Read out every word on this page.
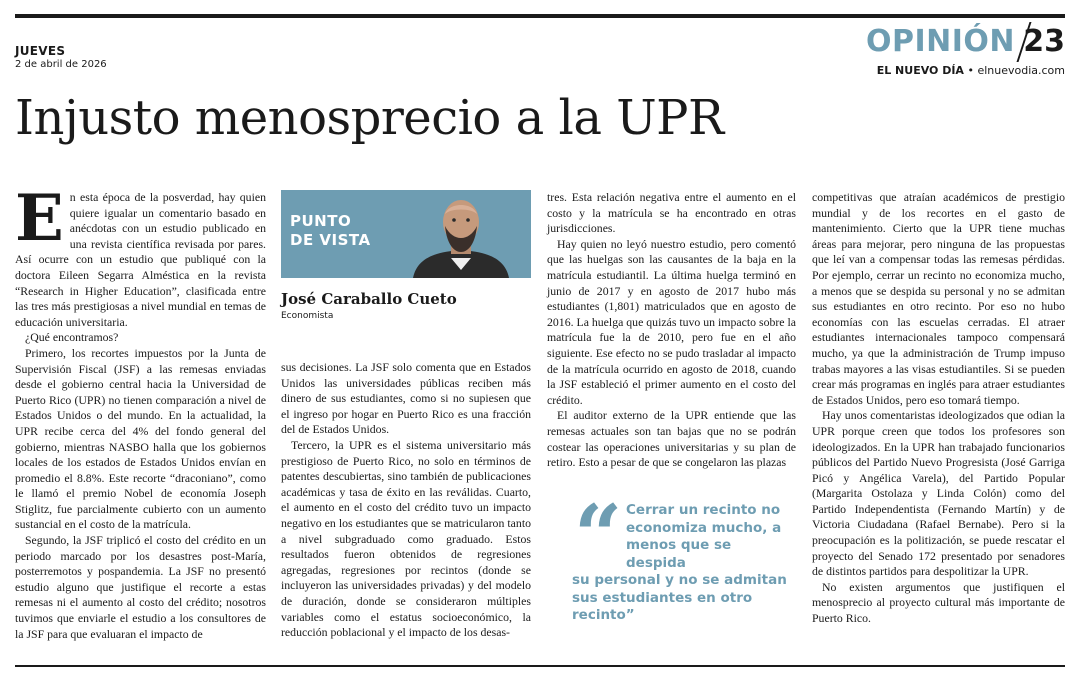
JUEVES
2 de abril de 2026
OPINIÓN 23
EL NUEVO DÍA • elnuevodia.com
Injusto menosprecio a la UPR

En esta época de la posverdad, hay quien quiere igualar un comentario basado en anécdotas con un estudio publicado en una revista científica revisada por pares. Así ocurre con un estudio que publiqué con la doctora Eileen Segarra Alméstica en la revista “Research in Higher Education”, clasificada entre las tres más prestigiosas a nivel mundial en temas de educación universitaria.

¿Qué encontramos?

Primero, los recortes impuestos por la Junta de Supervisión Fiscal (JSF) a las remesas enviadas desde el gobierno central hacia la Universidad de Puerto Rico (UPR) no tienen comparación a nivel de Estados Unidos o del mundo. En la actualidad, la UPR recibe cerca del 4% del fondo general del gobierno, mientras NASBO halla que los gobiernos locales de los estados de Estados Unidos envían en promedio el 8.8%. Este recorte “draconiano”, como le llamó el premio Nobel de economía Joseph Stiglitz, fue parcialmente cubierto con un aumento sustancial en el costo de la matrícula.

Segundo, la JSF triplicó el costo del crédito en un periodo marcado por los desastres post-María, posterremotos y pospandemia. La JSF no presentó estudio alguno que justifique el recorte a estas remesas ni el aumento al costo del crédito; nosotros tuvimos que enviarle el estudio a los consultores de la JSF para que evaluaran el impacto de

PUNTO
DE VISTA
José Caraballo Cueto
Economista

sus decisiones. La JSF solo comenta que en Estados Unidos las universidades públicas reciben más dinero de sus estudiantes, como si no supiesen que el ingreso por hogar en Puerto Rico es una fracción del de Estados Unidos.

Tercero, la UPR es el sistema universitario más prestigioso de Puerto Rico, no solo en términos de patentes descubiertas, sino también de publicaciones académicas y tasa de éxito en las reválidas. Cuarto, el aumento en el costo del crédito tuvo un impacto negativo en los estudiantes que se matricularon tanto a nivel subgraduado como graduado. Estos resultados fueron obtenidos de regresiones agregadas, regresiones por recintos (donde se incluyeron las universidades privadas) y del modelo de duración, donde se consideraron múltiples variables como el estatus socioeconómico, la reducción poblacional y el impacto de los desas-

tres. Esta relación negativa entre el aumento en el costo y la matrícula se ha encontrado en otras jurisdicciones.

Hay quien no leyó nuestro estudio, pero comentó que las huelgas son las causantes de la baja en la matrícula estudiantil. La última huelga terminó en junio de 2017 y en agosto de 2017 hubo más estudiantes (1,801) matriculados que en agosto de 2016. La huelga que quizás tuvo un impacto sobre la matrícula fue la de 2010, pero fue en el año siguiente. Ese efecto no se pudo trasladar al impacto de la matrícula ocurrido en agosto de 2018, cuando la JSF estableció el primer aumento en el costo del crédito.

El auditor externo de la UPR entiende que las remesas actuales son tan bajas que no se podrán costear las operaciones universitarias y su plan de retiro. Esto a pesar de que se congelaron las plazas

“ Cerrar un recinto no
economiza mucho, a
menos que se despida
su personal y no se admitan sus estudiantes en otro recinto”

competitivas que atraían académicos de prestigio mundial y de los recortes en el gasto de mantenimiento. Cierto que la UPR tiene muchas áreas para mejorar, pero ninguna de las propuestas que leí van a compensar todas las remesas pérdidas. Por ejemplo, cerrar un recinto no economiza mucho, a menos que se despida su personal y no se admitan sus estudiantes en otro recinto. Por eso no hubo economías con las escuelas cerradas. El atraer estudiantes internacionales tampoco compensará mucho, ya que la administración de Trump impuso trabas mayores a las visas estudiantiles. Si se pueden crear más programas en inglés para atraer estudiantes de Estados Unidos, pero eso tomará tiempo.

Hay unos comentaristas ideologizados que odian la UPR porque creen que todos los profesores son ideologizados. En la UPR han trabajado funcionarios públicos del Partido Nuevo Progresista (José Garriga Picó y Angélica Varela), del Partido Popular (Margarita Ostolaza y Linda Colón) como del Partido Independentista (Fernando Martín) y de Victoria Ciudadana (Rafael Bernabe). Pero si la preocupación es la politización, se puede rescatar el proyecto del Senado 172 presentado por senadores de distintos partidos para despolitizar la UPR.

No existen argumentos que justifiquen el menosprecio al proyecto cultural más importante de Puerto Rico.
